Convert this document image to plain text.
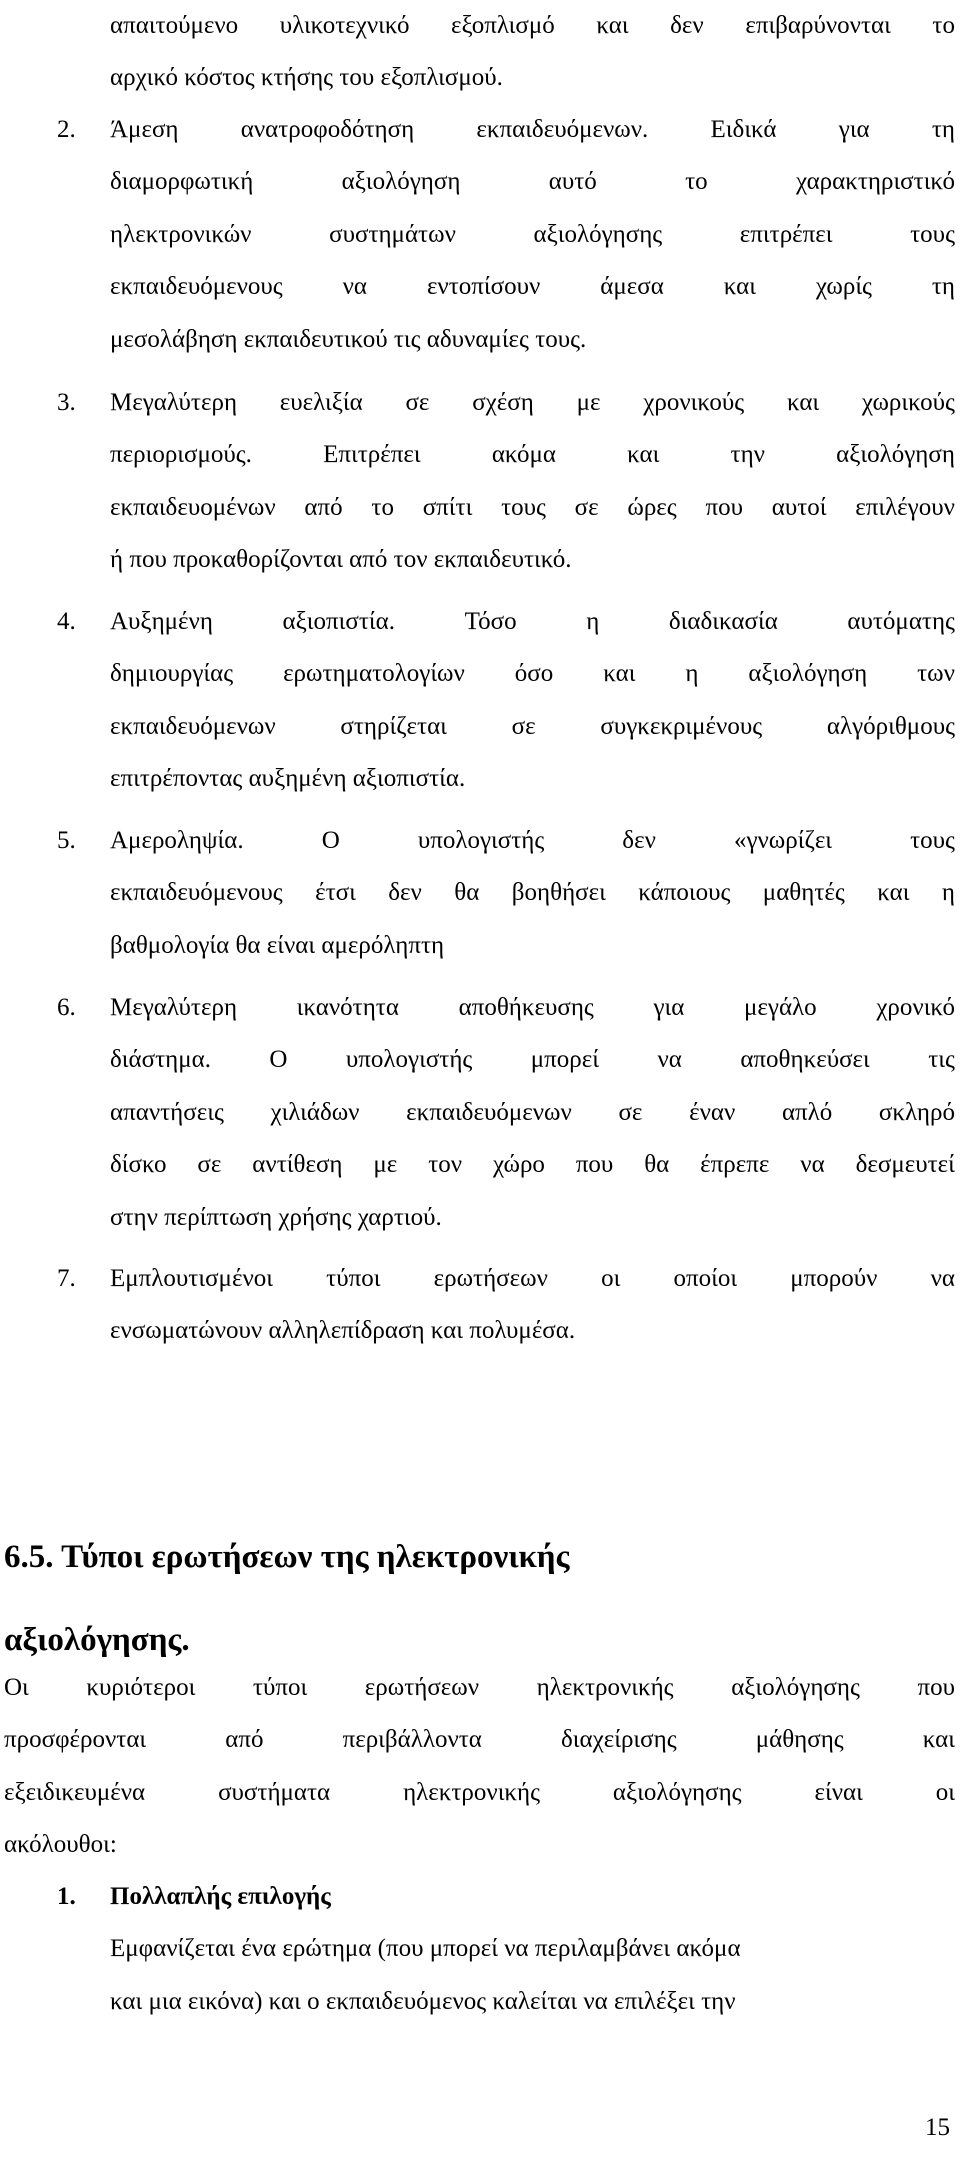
απαιτούμενο υλικοτεχνικό εξοπλισμό και δεν επιβαρύνονται το
αρχικό κόστος κτήσης του εξοπλισμού.
2. Άμεση ανατροφοδότηση εκπαιδευόμενων. Ειδικά για τη
διαμορφωτική	αξιολόγηση	αυτό	το	χαρακτηριστικό
ηλεκτρονικών	συστημάτων	αξιολόγησης	επιτρέπει	τους
εκπαιδευόμενους να εντοπίσουν άμεσα και χωρίς τη
μεσολάβηση εκπαιδευτικού τις αδυναμίες τους.
3. Μεγαλύτερη ευελιξία σε σχέση με χρονικούς και χωρικούς
περιορισμούς.	Επιτρέπει	ακόμα	και	την	αξιολόγηση
εκπαιδευομένων από το σπίτι τους σε ώρες που αυτοί επιλέγουν
ή που προκαθορίζονται από τον εκπαιδευτικό.
4. Αυξημένη	αξιοπιστία.	Τόσο	η	διαδικασία	αυτόματης
δημιουργίας ερωτηματολογίων όσο και η αξιολόγηση των
εκπαιδευόμενων	στηρίζεται	σε	συγκεκριμένους	αλγόριθμους
επιτρέποντας αυξημένη αξιοπιστία.
5. Αμεροληψία.	Ο	υπολογιστής	δεν	«γνωρίζει	τους
εκπαιδευόμενους έτσι δεν θα βοηθήσει κάποιους μαθητές και η
βαθμολογία θα είναι αμερόληπτη
6. Μεγαλύτερη ικανότητα αποθήκευσης για μεγάλο χρονικό
διάστημα. Ο υπολογιστής μπορεί να αποθηκεύσει τις
απαντήσεις χιλιάδων εκπαιδευόμενων σε έναν απλό σκληρό
δίσκο σε αντίθεση με τον χώρο που θα έπρεπε να δεσμευτεί
στην περίπτωση χρήσης χαρτιού.
7. Εμπλουτισμένοι τύποι ερωτήσεων οι οποίοι μπορούν να
ενσωματώνουν αλληλεπίδραση και πολυμέσα.
6.5. Τύποι ερωτήσεων της ηλεκτρονικής
αξιολόγησης.
Οι κυριότεροι τύποι ερωτήσεων ηλεκτρονικής αξιολόγησης που
προσφέρονται	από	περιβάλλοντα	διαχείρισης	μάθησης	και
εξειδικευμένα	συστήματα	ηλεκτρονικής	αξιολόγησης	είναι	οι
ακόλουθοι:
1. Πολλαπλής επιλογής
Εμφανίζεται ένα ερώτημα (που μπορεί να περιλαμβάνει ακόμα
και μια εικόνα) και ο εκπαιδευόμενος καλείται να επιλέξει την
15
